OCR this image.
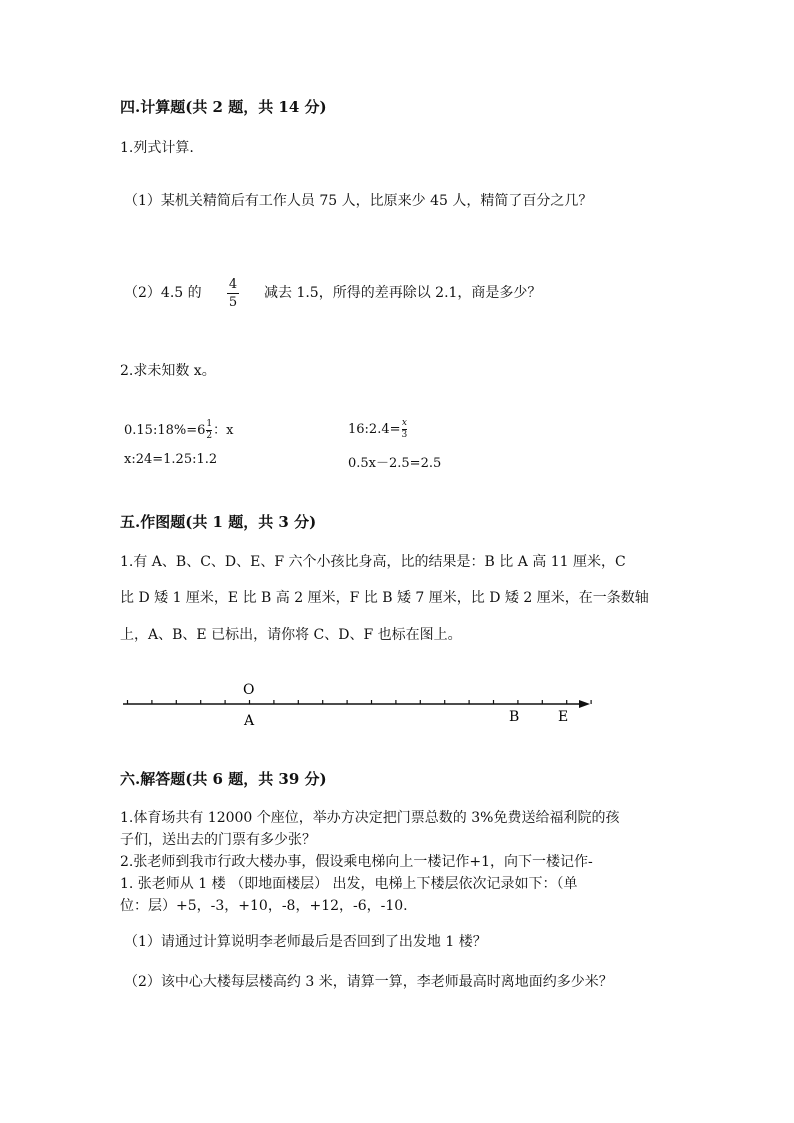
四.计算题(共 2 题，共 14 分)
1.列式计算.
（1）某机关精简后有工作人员 75 人，比原来少 45 人，精简了百分之几？
（2）4.5 的
4
5
减去 1.5，所得的差再除以 2.1，商是多少？
2.求未知数 x。
$0.15:18\%=6\frac{1}{2}$：x	$16:2.4=\frac{x}{3}$
x:24=1.25:1.2	0.5x－2.5=2.5
五.作图题(共 1 题，共 3 分)
1.有 A、B、C、D、E、F 六个小孩比身高，比的结果是：B 比 A 高 11 厘米，C
比 D 矮 1 厘米，E 比 B 高 2 厘米，F 比 B 矮 7 厘米，比 D 矮 2 厘米，在一条数轴
上，A、B、E 已标出，请你将 C、D、F 也标在图上。
O
A	B	E
六.解答题(共 6 题，共 39 分)
1.体育场共有 12000 个座位，举办方决定把门票总数的 3%免费送给福利院的孩
子们，送出去的门票有多少张？
2.张老师到我市行政大楼办事，假设乘电梯向上一楼记作+1，向下一楼记作-
1. 张老师从 1 楼 （即地面楼层） 出发，电梯上下楼层依次记录如下：（单
位：层）+5，-3，+10，-8，+12，-6，-10.
（1）请通过计算说明李老师最后是否回到了出发地 1 楼？
（2）该中心大楼每层楼高约 3 米，请算一算，李老师最高时离地面约多少米？
